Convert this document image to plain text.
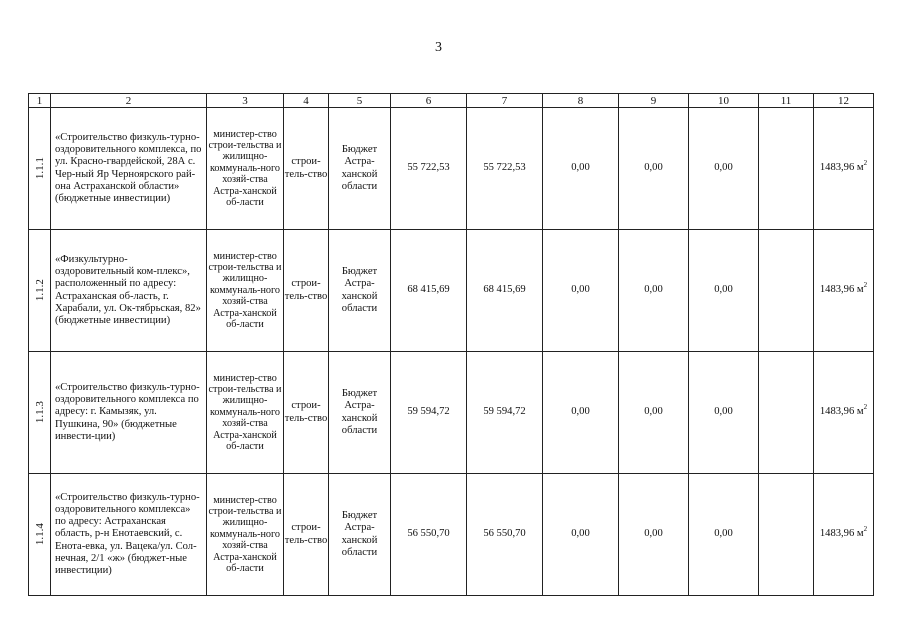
3
1	2	3	4	5	6	7	8	9	10	11	12
1.1.1	«Строительство физкуль-турно-оздоровительного комплекса, по ул. Красно-гвардейской, 28А с. Чер-ный Яр Черноярского рай-она Астраханской области» (бюджетные инвестиции)	министер-ство строи-тельства и жилищно-коммуналь-ного хозяй-ства Астра-ханской об-ласти	строи-тель-ство	Бюджет Астра-ханской области	55 722,53	55 722,53	0,00	0,00	0,00		1483,96 $м^2$
1.1.2	«Физкультурно-оздоровительный ком-плекс», расположенный по адресу: Астраханская об-ласть, г. Харабали, ул. Ок-тябрьская, 82» (бюджетные инвестиции)	министер-ство строи-тельства и жилищно-коммуналь-ного хозяй-ства Астра-ханской об-ласти	строи-тель-ство	Бюджет Астра-ханской области	68 415,69	68 415,69	0,00	0,00	0,00		1483,96 $м^2$
1.1.3	«Строительство физкуль-турно-оздоровительного комплекса по адресу: г. Камызяк, ул. Пушкина, 90» (бюджетные инвести-ции)	министер-ство строи-тельства и жилищно-коммуналь-ного хозяй-ства Астра-ханской об-ласти	строи-тель-ство	Бюджет Астра-ханской области	59 594,72	59 594,72	0,00	0,00	0,00		1483,96 $м^2$
1.1.4	«Строительство физкуль-турно-оздоровительного комплекса» по адресу: Астраханская область, р-н Енотаевский, с. Енота-евка, ул. Вацека/ул. Сол-нечная, 2/1 «ж» (бюджет-ные инвестиции)	министер-ство строи-тельства и жилищно-коммуналь-ного хозяй-ства Астра-ханской об-ласти	строи-тель-ство	Бюджет Астра-ханской области	56 550,70	56 550,70	0,00	0,00	0,00		1483,96 $м^2$
